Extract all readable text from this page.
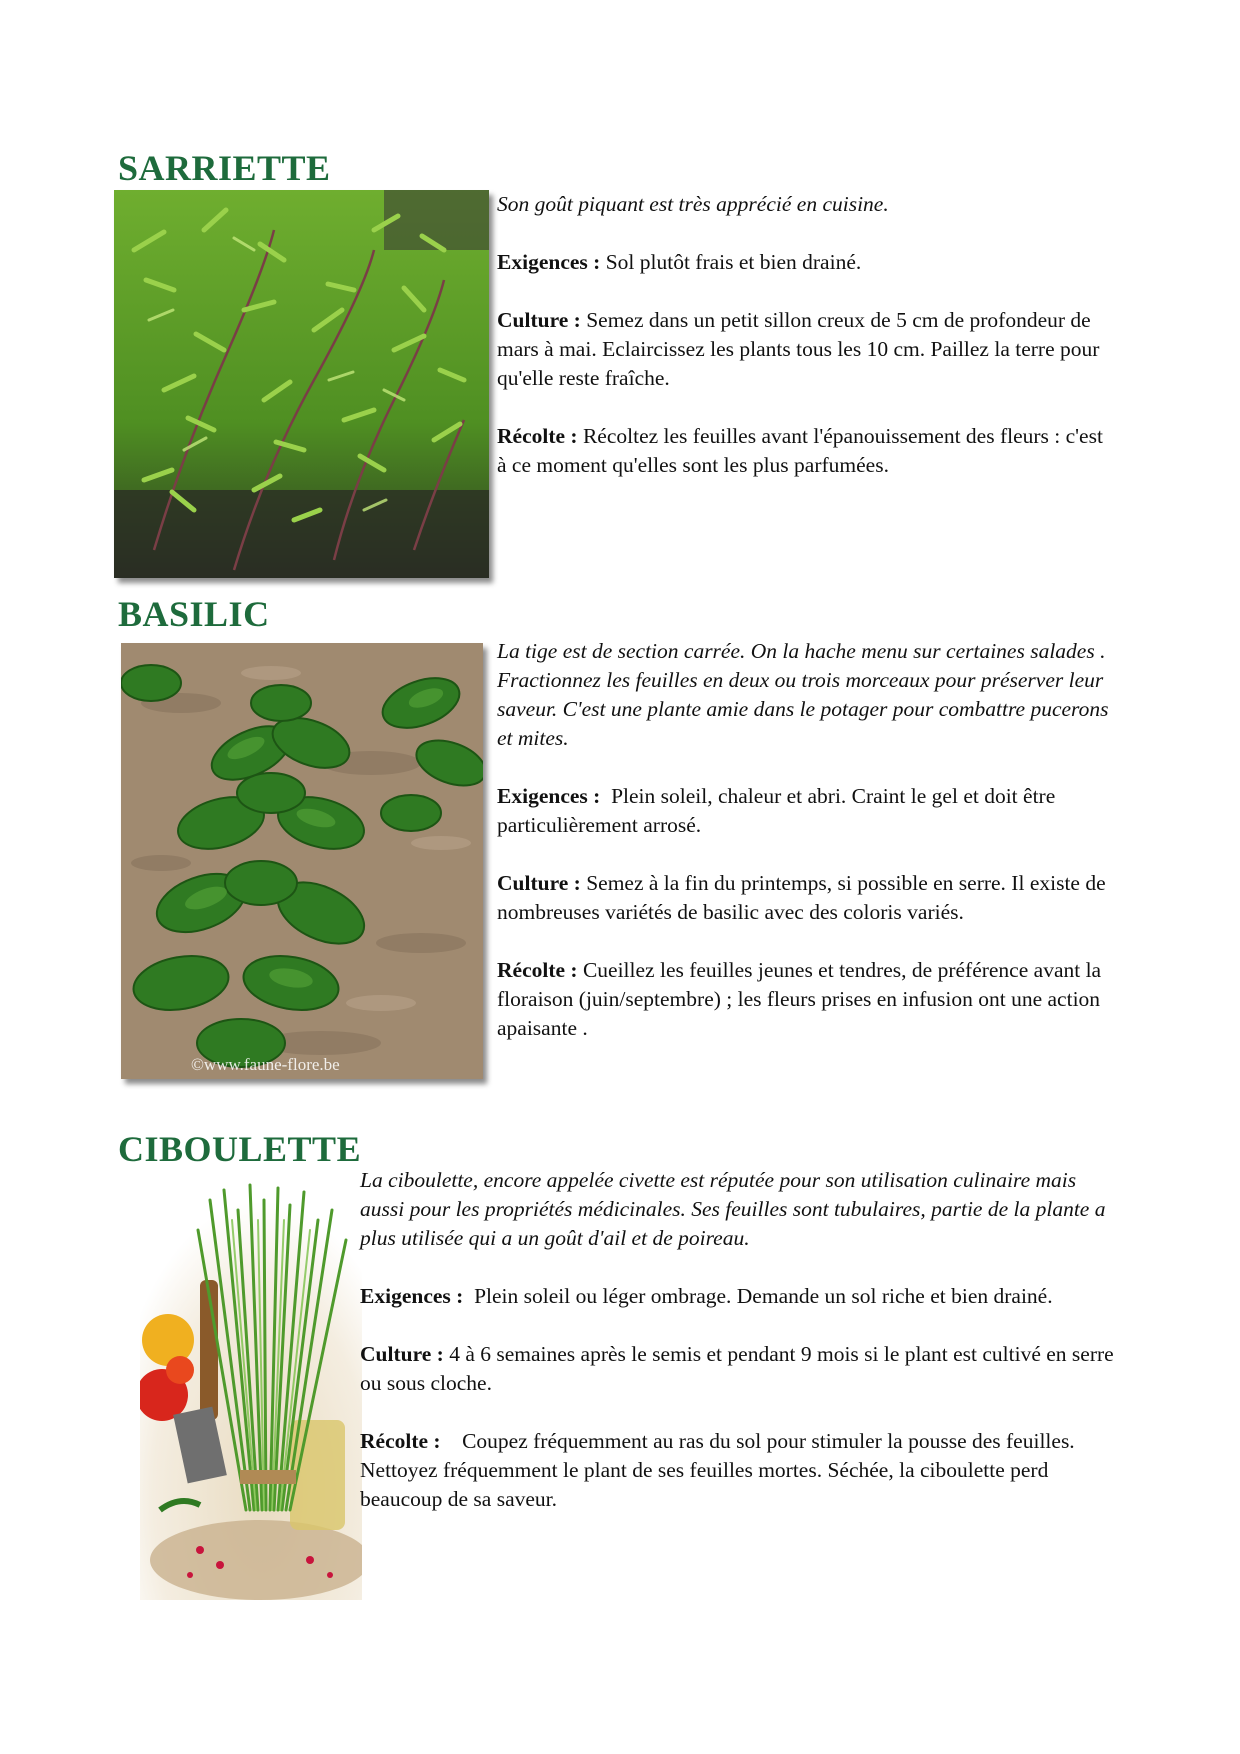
SARRIETTE

Son goût piquant est très apprécié en cuisine.

Exigences : Sol plutôt frais et bien drainé.

Culture : Semez dans un petit sillon creux de 5 cm de profondeur de mars à mai. Eclaircissez les plants tous les 10 cm. Paillez la terre pour qu'elle reste fraîche.

Récolte : Récoltez les feuilles avant l'épanouissement des fleurs : c'est à ce moment qu'elles sont les plus parfumées.

BASILIC
©www.faune-flore.be

La tige est de section carrée. On la hache menu sur certaines salades . Fractionnez les feuilles en deux ou trois morceaux pour préserver leur saveur. C'est une plante amie dans le potager pour combattre pucerons et mites.

Exigences : Plein soleil, chaleur et abri. Craint le gel et doit être particulièrement arrosé.

Culture : Semez à la fin du printemps, si possible en serre. Il existe de nombreuses variétés de basilic avec des coloris variés.

Récolte : Cueillez les feuilles jeunes et tendres, de préférence avant la floraison (juin/septembre) ; les fleurs prises en infusion ont une action apaisante .

CIBOULETTE

La ciboulette, encore appelée civette est réputée pour son utilisation culinaire mais aussi pour les propriétés médicinales. Ses feuilles sont tubulaires, partie de la plante a plus utilisée qui a un goût d'ail et de poireau.

Exigences : Plein soleil ou léger ombrage. Demande un sol riche et bien drainé.

Culture : 4 à 6 semaines après le semis et pendant 9 mois si le plant est cultivé en serre ou sous cloche.

Récolte : Coupez fréquemment au ras du sol pour stimuler la pousse des feuilles. Nettoyez fréquemment le plant de ses feuilles mortes. Séchée, la ciboulette perd beaucoup de sa saveur.
